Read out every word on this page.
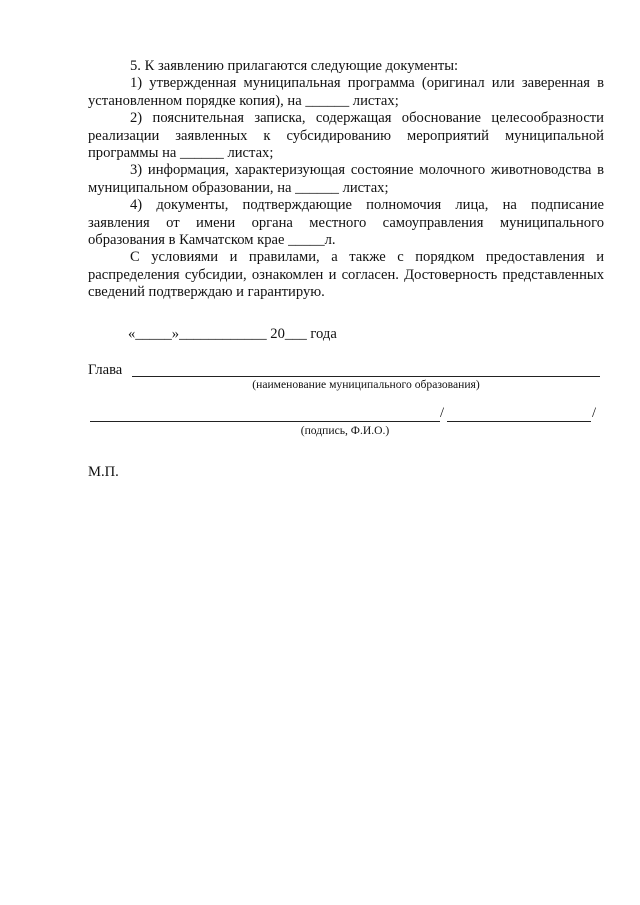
5. К заявлению прилагаются следующие документы:

1) утвержденная муниципальная программа (оригинал или заверенная в установленном порядке копия), на ______ листах;

2) пояснительная записка, содержащая обоснование целесообразности реализации заявленных к субсидированию мероприятий муниципальной программы на ______ листах;

3) информация, характеризующая состояние молочного животноводства в муниципальном образовании, на ______ листах;

4) документы, подтверждающие полномочия лица, на подписание заявления от имени органа местного самоуправления муниципального образования в Камчатском крае _____л.

С условиями и правилами, а также с порядком предоставления и распределения субсидии, ознакомлен и согласен. Достоверность представленных сведений подтверждаю и гарантирую.

«_____»____________ 20___ года
Глава
(наименование муниципального образования)
/	/
(подпись, Ф.И.О.)
М.П.
